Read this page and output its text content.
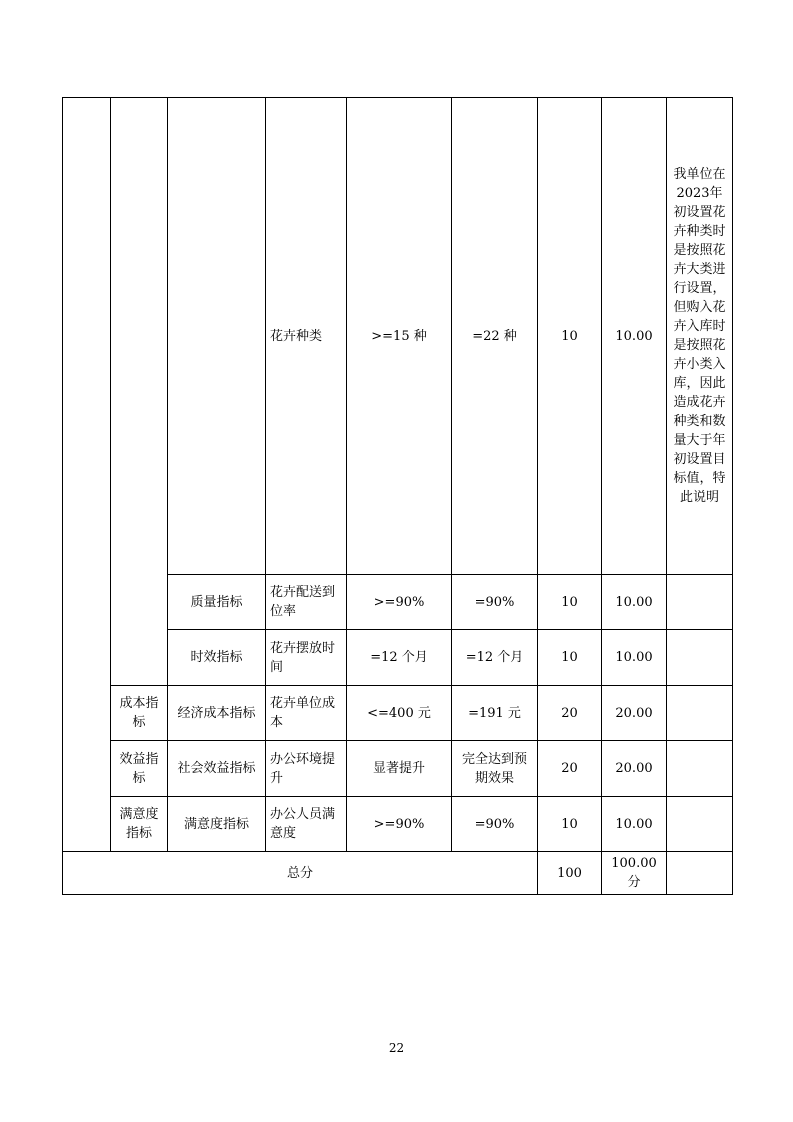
			花卉种类	>=15 种	=22 种	10	10.00	我单位在2023年初设置花卉种类时是按照花卉大类进行设置，但购入花卉入库时是按照花卉小类入库，因此造成花卉种类和数量大于年初设置目标值，特此说明
		质量指标	花卉配送到位率	>=90%	=90%	10	10.00	
		时效指标	花卉摆放时间	=12 个月	=12 个月	10	10.00	
	成本指标	经济成本指标	花卉单位成本	<=400 元	=191 元	20	20.00	
	效益指标	社会效益指标	办公环境提升	显著提升	完全达到预期效果	20	20.00	
	满意度指标	满意度指标	办公人员满意度	>=90%	=90%	10	10.00	
总分						100	100.00分	
22
